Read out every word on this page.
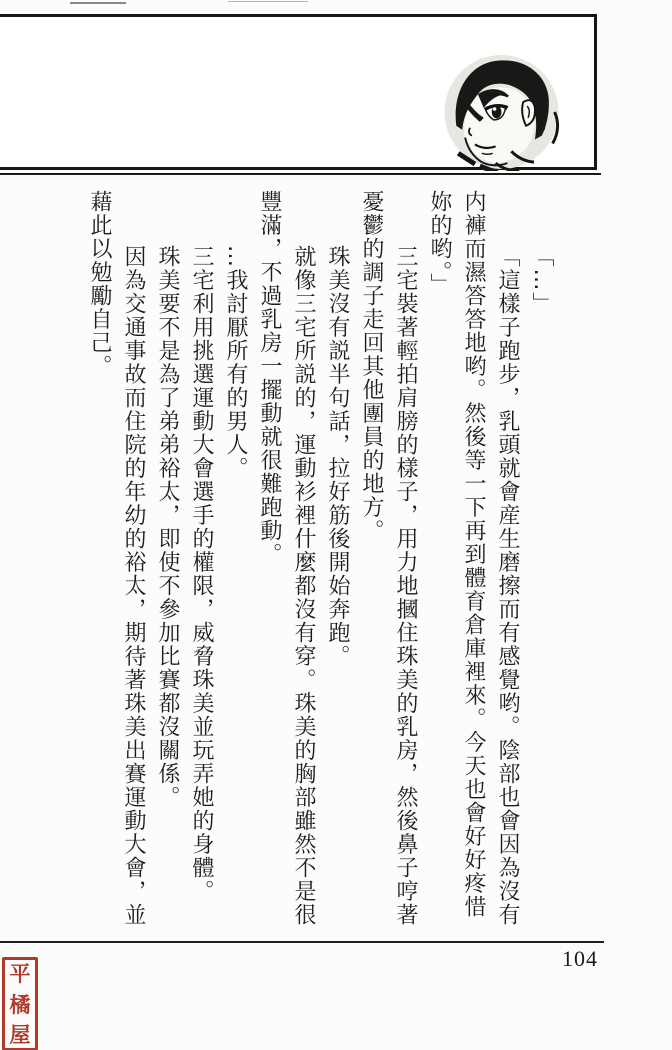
「…」

「這樣子跑步，乳頭就會産生磨擦而有感覺哟。陰部也會因為沒有内褲而濕答答地哟。然後等一下再到體育倉庫裡來。今天也會好好疼惜妳的哟。」

三宅裝著輕拍肩膀的樣子，用力地摑住珠美的乳房，然後鼻子哼著憂鬱的調子走回其他團員的地方。

珠美沒有説半句話，拉好筋後開始奔跑。

就像三宅所説的，運動衫裡什麼都沒有穿。珠美的胸部雖然不是很豐滿，不過乳房一擺動就很難跑動。

…我討厭所有的男人。

三宅利用挑選運動大會選手的權限，威脅珠美並玩弄她的身體。

珠美要不是為了弟弟裕太，即使不參加比賽都沒關係。

因為交通事故而住院的年幼的裕太，期待著珠美出賽運動大會，並藉此以勉勵自己。

104
平
橘
屋
